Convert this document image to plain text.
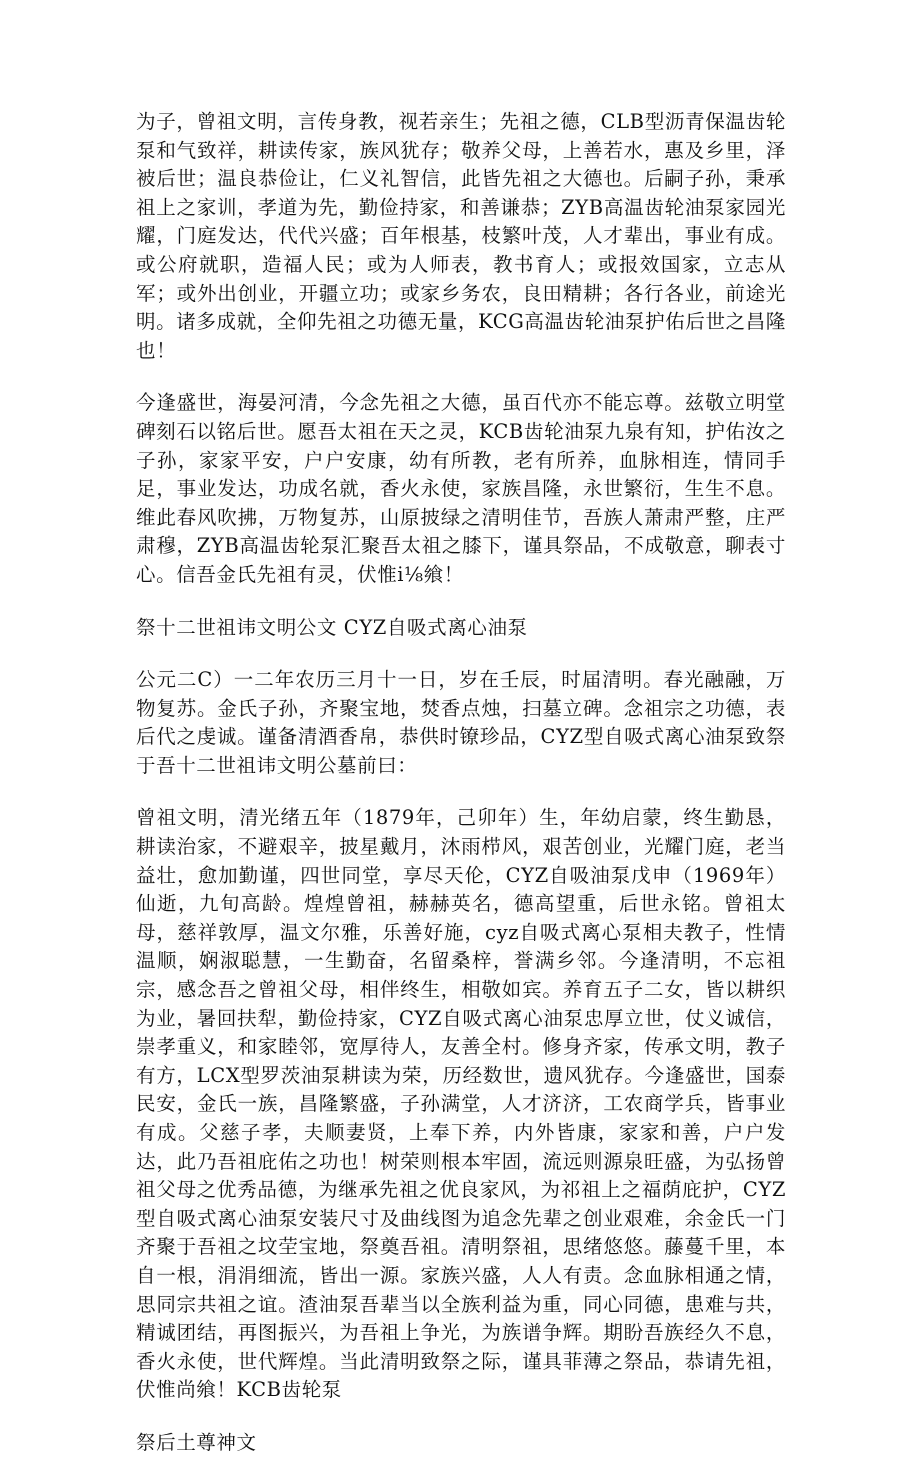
为子，曾祖文明，言传身教，视若亲生；先祖之德，CLB型沥青保温齿轮泵和气致祥，耕读传家，族风犹存；敬养父母，上善若水，惠及乡里，泽被后世；温良恭俭让，仁义礼智信，此皆先祖之大德也。后嗣子孙，秉承祖上之家训，孝道为先，勤俭持家，和善谦恭；ZYB高温齿轮油泵家园光耀，门庭发达，代代兴盛；百年根基，枝繁叶茂，人才辈出，事业有成。或公府就职，造福人民；或为人师表，教书育人；或报效国家，立志从军；或外出创业，开疆立功；或家乡务农，良田精耕；各行各业，前途光明。诸多成就，全仰先祖之功德无量，KCG高温齿轮油泵护佑后世之昌隆也！

今逢盛世，海晏河清，今念先祖之大德，虽百代亦不能忘尊。兹敬立明堂碑刻石以铭后世。愿吾太祖在天之灵，KCB齿轮油泵九泉有知，护佑汝之子孙，家家平安，户户安康，幼有所教，老有所养，血脉相连，情同手足，事业发达，功成名就，香火永使，家族昌隆，永世繁衍，生生不息。维此春风吹拂，万物复苏，山原披绿之清明佳节，吾族人萧肃严整，庄严肃穆，ZYB高温齿轮泵汇聚吾太祖之膝下，谨具祭品，不成敬意，聊表寸心。信吾金氏先祖有灵，伏惟i⅛飨！

祭十二世祖讳文明公文 CYZ自吸式离心油泵

公元二C）一二年农历三月十一日，岁在壬辰，时届清明。春光融融，万物复苏。金氏子孙，齐聚宝地，焚香点烛，扫墓立碑。念祖宗之功德，表后代之虔诚。谨备清酒香帛，恭供时镣珍品，CYZ型自吸式离心油泵致祭于吾十二世祖讳文明公墓前曰：

曾祖文明，清光绪五年（1879年，己卯年）生，年幼启蒙，终生勤恳，耕读治家，不避艰辛，披星戴月，沐雨栉风，艰苦创业，光耀门庭，老当益壮，愈加勤谨，四世同堂，享尽天伦，CYZ自吸油泵戊申（1969年）仙逝，九旬高龄。煌煌曾祖，赫赫英名，德高望重，后世永铭。曾祖太母，慈祥敦厚，温文尔雅，乐善好施，cyz自吸式离心泵相夫教子，性情温顺，娴淑聪慧，一生勤奋，名留桑梓，誉满乡邻。今逢清明，不忘祖宗，感念吾之曾祖父母，相伴终生，相敬如宾。养育五子二女，皆以耕织为业，暑回扶犁，勤俭持家，CYZ自吸式离心油泵忠厚立世，仗义诚信，崇孝重义，和家睦邻，宽厚待人，友善全村。修身齐家，传承文明，教子有方，LCX型罗茨油泵耕读为荣，历经数世，遗风犹存。今逢盛世，国泰民安，金氏一族，昌隆繁盛，子孙满堂，人才济济，工农商学兵，皆事业有成。父慈子孝，夫顺妻贤，上奉下养，内外皆康，家家和善，户户发达，此乃吾祖庇佑之功也！树荣则根本牢固，流远则源泉旺盛，为弘扬曾祖父母之优秀品德，为继承先祖之优良家风，为祁祖上之福荫庇护，CYZ型自吸式离心油泵安装尺寸及曲线图为追念先辈之创业艰难，余金氏一门齐聚于吾祖之坟茔宝地，祭奠吾祖。清明祭祖，思绪悠悠。藤蔓千里，本自一根，涓涓细流，皆出一源。家族兴盛，人人有责。念血脉相通之情，思同宗共祖之谊。渣油泵吾辈当以全族利益为重，同心同德，患难与共，精诚团结，再图振兴，为吾祖上争光，为族谱争辉。期盼吾族经久不息，香火永使，世代辉煌。当此清明致祭之际，谨具菲薄之祭品，恭请先祖，伏惟尚飨！KCB齿轮泵

祭后土尊神文
